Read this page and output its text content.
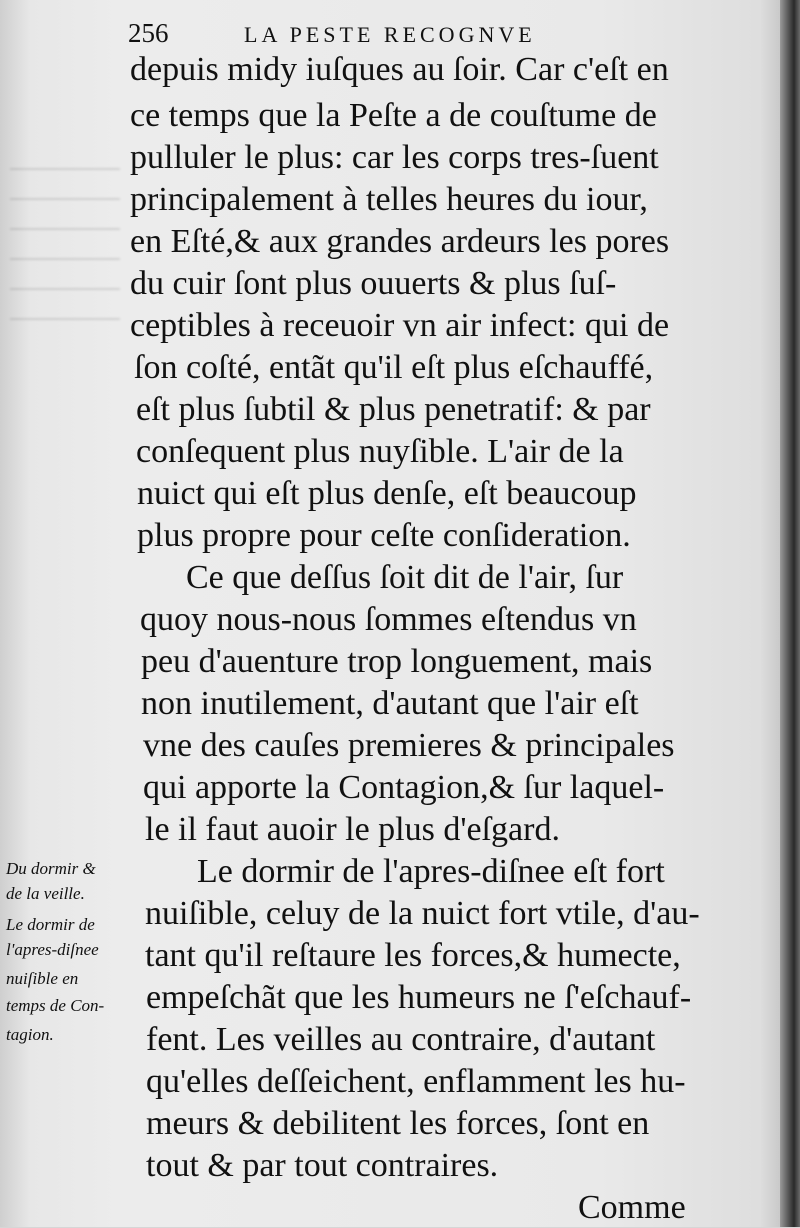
256	LA PESTE RECOGNVE
depuis midy iuſques au ſoir. Car c'eſt en
ce temps que la Peſte a de couſtume de
pulluler le plus: car les corps tres-ſuent
principalement à telles heures du iour,
en Eſté,& aux grandes ardeurs les pores
du cuir ſont plus ouuerts & plus ſuſ-
ceptibles à receuoir vn air infect: qui de
ſon coſté, entãt qu'il eſt plus eſchauffé,
eſt plus ſubtil & plus penetratif: & par
conſequent plus nuyſible. L'air de la
nuict qui eſt plus denſe, eſt beaucoup
plus propre pour ceſte conſideration.
Ce que deſſus ſoit dit de l'air, ſur
quoy nous-nous ſommes eſtendus vn
peu d'auenture trop longuement, mais
non inutilement, d'autant que l'air eſt
vne des cauſes premieres & principales
qui apporte la Contagion,& ſur laquel-
le il faut auoir le plus d'eſgard.
Le dormir de l'apres-diſnee eſt fort
nuiſible, celuy de la nuict fort vtile, d'au-
tant qu'il reſtaure les forces,& humecte,
empeſchãt que les humeurs ne ſ'eſchauf-
fent. Les veilles au contraire, d'autant
qu'elles deſſeichent, enflamment les hu-
meurs & debilitent les forces, ſont en
tout & par tout contraires.
Comme
Du dormir &
de la veille.
Le dormir de
l'apres-diſnee
nuiſible en
temps de Con-
tagion.
